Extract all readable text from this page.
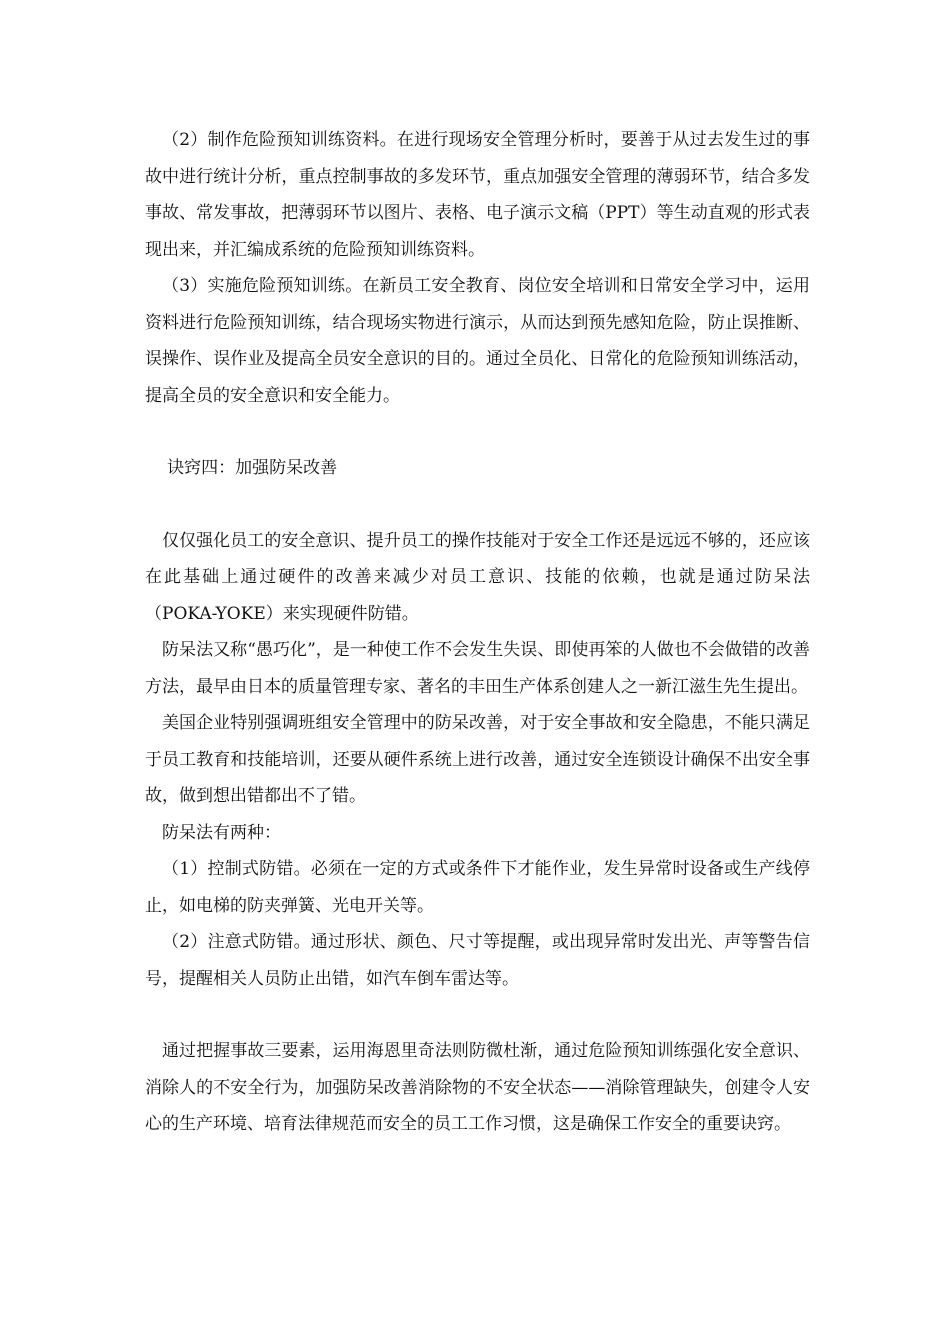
（2）制作危险预知训练资料。在进行现场安全管理分析时，要善于从过去发生过的事故中进行统计分析，重点控制事故的多发环节，重点加强安全管理的薄弱环节，结合多发事故、常发事故，把薄弱环节以图片、表格、电子演示文稿（PPT）等生动直观的形式表现出来，并汇编成系统的危险预知训练资料。

（3）实施危险预知训练。在新员工安全教育、岗位安全培训和日常安全学习中，运用资料进行危险预知训练，结合现场实物进行演示，从而达到预先感知危险，防止误推断、误操作、误作业及提高全员安全意识的目的。通过全员化、日常化的危险预知训练活动，提高全员的安全意识和安全能力。

诀窍四：加强防呆改善

仅仅强化员工的安全意识、提升员工的操作技能对于安全工作还是远远不够的，还应该在此基础上通过硬件的改善来减少对员工意识、技能的依赖，也就是通过防呆法（POKA-YOKE）来实现硬件防错。

防呆法又称“愚巧化”，是一种使工作不会发生失误、即使再笨的人做也不会做错的改善方法，最早由日本的质量管理专家、著名的丰田生产体系创建人之一新江滋生先生提出。

美国企业特别强调班组安全管理中的防呆改善，对于安全事故和安全隐患，不能只满足于员工教育和技能培训，还要从硬件系统上进行改善，通过安全连锁设计确保不出安全事故，做到想出错都出不了错。

防呆法有两种：

（1）控制式防错。必须在一定的方式或条件下才能作业，发生异常时设备或生产线停止，如电梯的防夹弹簧、光电开关等。

（2）注意式防错。通过形状、颜色、尺寸等提醒，或出现异常时发出光、声等警告信号，提醒相关人员防止出错，如汽车倒车雷达等。

通过把握事故三要素，运用海恩里奇法则防微杜渐，通过危险预知训练强化安全意识、消除人的不安全行为，加强防呆改善消除物的不安全状态——消除管理缺失，创建令人安心的生产环境、培育法律规范而安全的员工工作习惯，这是确保工作安全的重要诀窍。
